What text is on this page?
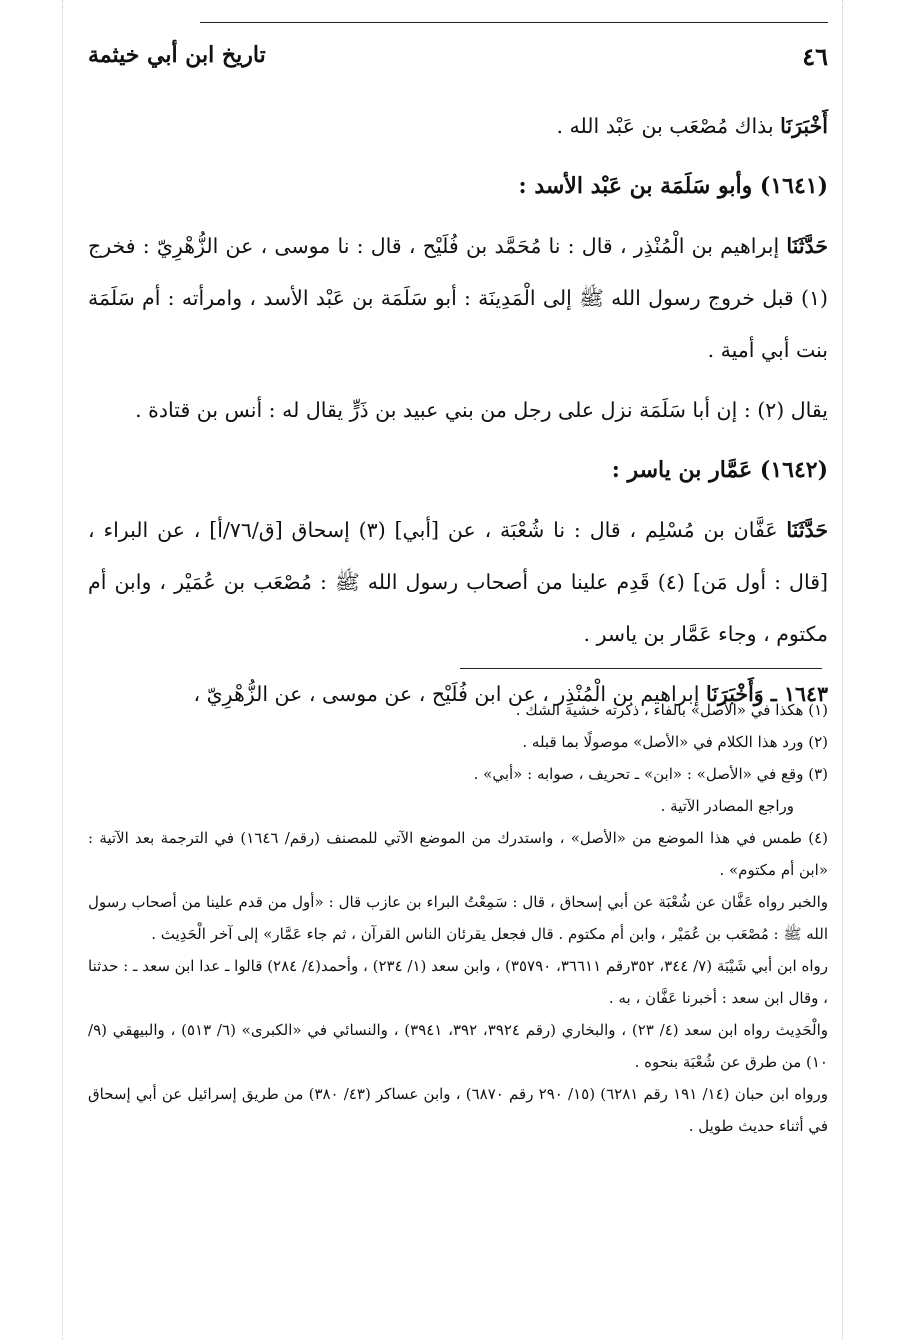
٤٦
تاريخ ابن أبي خيثمة

أَخْبَرَنَا بذاك مُصْعَب بن عَبْد الله .

(١٦٤١) وأبو سَلَمَة بن عَبْد الأسد :

حَدَّثَنَا إبراهيم بن الْمُنْذِر ، قال : نا مُحَمَّد بن فُلَيْح ، قال : نا موسى ، عن الزُّهْرِيّ : فخرج (١) قبل خروج رسول الله ﷺ إلى الْمَدِينَة : أبو سَلَمَة بن عَبْد الأسد ، وامرأته : أم سَلَمَة بنت أبي أمية .

يقال (٢) : إن أبا سَلَمَة نزل على رجل من بني عبيد بن ذَرٍّ يقال له : أنس بن قتادة .

(١٦٤٢) عَمَّار بن ياسر :

حَدَّثَنَا عَفَّان بن مُسْلِم ، قال : نا شُعْبَة ، عن [أبي] (٣) إسحاق [ق/٧٦/أ] ، عن البراء ، [قال : أول مَن] (٤) قَدِم علينا من أصحاب رسول الله ﷺ : مُصْعَب بن عُمَيْر ، وابن أم مكتوم ، وجاء عَمَّار بن ياسر .

١٦٤٣ ـ وَأَخْبَرَنَا إبراهيم بن الْمُنْذِر ، عن ابن فُلَيْح ، عن موسى ، عن الزُّهْرِيّ ،

(١) هكذا في «الأصل» بالفاء ، ذكرته خشية الشك .

(٢) ورد هذا الكلام في «الأصل» موصولًا بما قبله .

(٣) وقع في «الأصل» : «ابن» ـ تحريف ، صوابه : «أبي» .

وراجع المصادر الآتية .

(٤) طمس في هذا الموضع من «الأصل» ، واستدرك من الموضع الآتي للمصنف (رقم/ ١٦٤٦) في الترجمة بعد الآتية : «ابن أم مكتوم» .

والخبر رواه عَفَّان عن شُعْبَة عن أبي إسحاق ، قال : سَمِعْتُ البراء بن عازب قال : «أول من قدم علينا من أصحاب رسول الله ﷺ : مُصْعَب بن عُمَيْر ، وابن أم مكتوم . قال فجعل يقرئان الناس القرآن ، ثم جاء عَمَّار» إلى آخر الْحَدِيث .

رواه ابن أبي شَيْبَة (٧/ ٣٤٤، ٣٥٢رقم ٣٦٦١١، ٣٥٧٩٠) ، وابن سعد (١/ ٢٣٤) ، وأحمد(٤/ ٢٨٤) قالوا ـ عدا ابن سعد ـ : حدثنا ، وقال ابن سعد : أخبرنا عَفَّان ، به .

والْحَدِيث رواه ابن سعد (٤/ ٢٣) ، والبخاري (رقم ٣٩٢٤، ٣٩٢، ٣٩٤١) ، والنسائي في «الكبرى» (٦/ ٥١٣) ، والبيهقي (٩/ ١٠) من طرق عن شُعْبَة بنحوه .

ورواه ابن حبان (١٤/ ١٩١ رقم ٦٢٨١) (١٥/ ٢٩٠ رقم ٦٨٧٠) ، وابن عساكر (٤٣/ ٣٨٠) من طريق إسرائيل عن أبي إسحاق في أثناء حديث طويل .
